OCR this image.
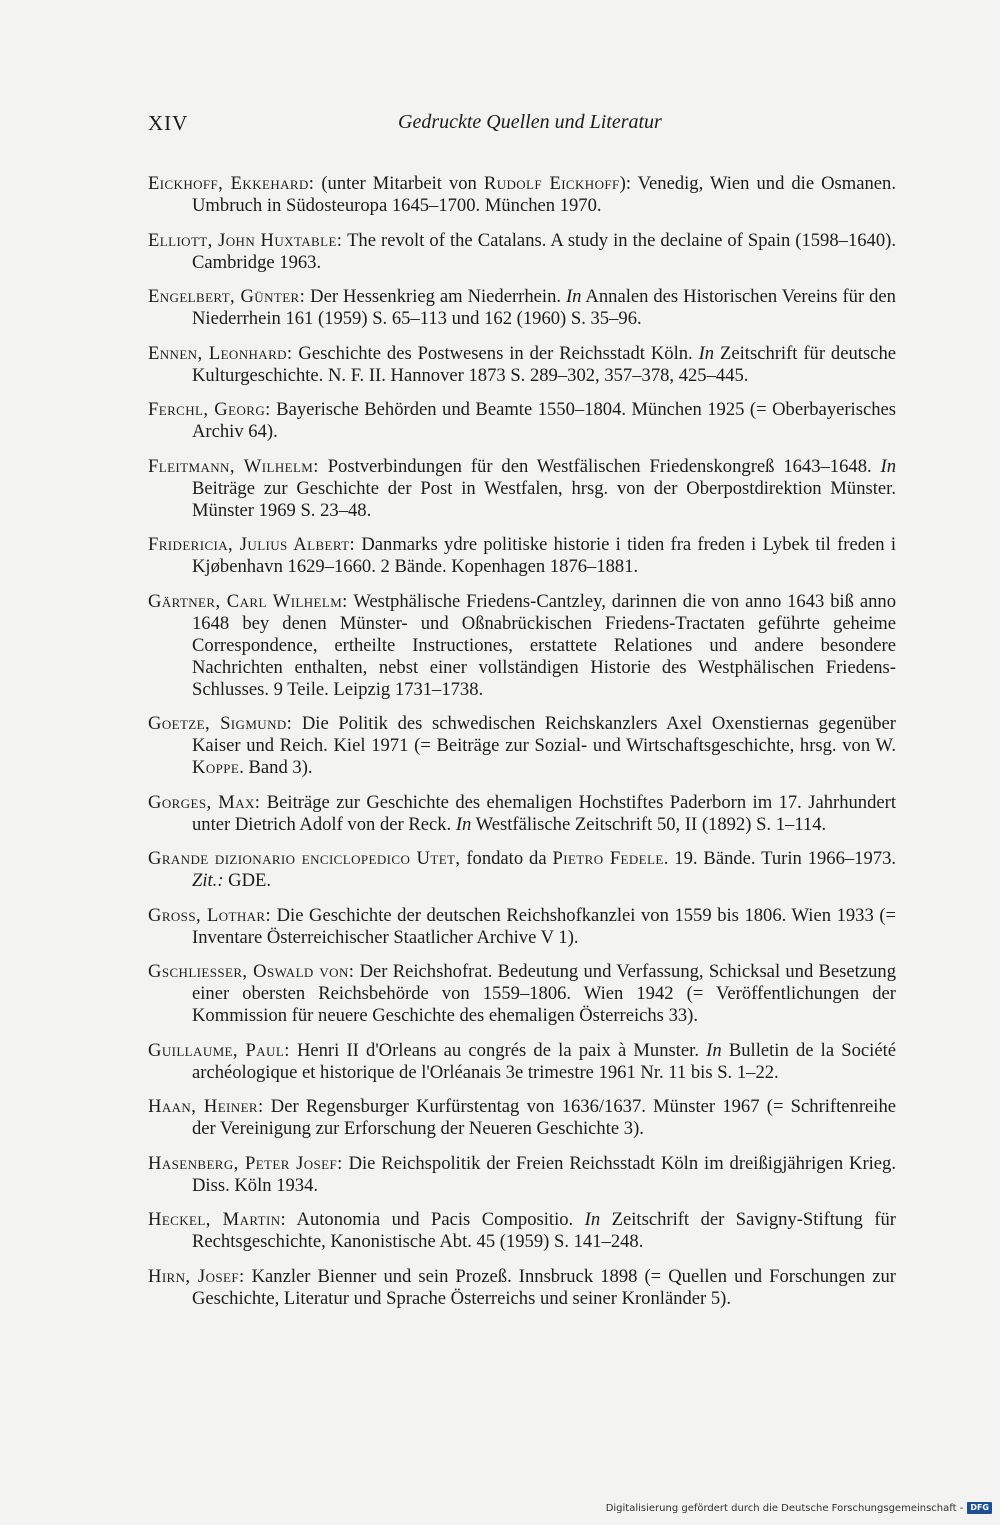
XIV	Gedruckte Quellen und Literatur
Eickhoff, Ekkehard: (unter Mitarbeit von Rudolf Eickhoff): Venedig, Wien und die Osmanen. Umbruch in Südosteuropa 1645–1700. München 1970.
Elliott, John Huxtable: The revolt of the Catalans. A study in the declaine of Spain (1598–1640). Cambridge 1963.
Engelbert, Günter: Der Hessenkrieg am Niederrhein. In Annalen des Historischen Vereins für den Niederrhein 161 (1959) S. 65–113 und 162 (1960) S. 35–96.
Ennen, Leonhard: Geschichte des Postwesens in der Reichsstadt Köln. In Zeitschrift für deutsche Kulturgeschichte. N. F. II. Hannover 1873 S. 289–302, 357–378, 425–445.
Ferchl, Georg: Bayerische Behörden und Beamte 1550–1804. München 1925 (= Oberbayerisches Archiv 64).
Fleitmann, Wilhelm: Postverbindungen für den Westfälischen Friedenskongreß 1643–1648. In Beiträge zur Geschichte der Post in Westfalen, hrsg. von der Oberpostdirektion Münster. Münster 1969 S. 23–48.
Fridericia, Julius Albert: Danmarks ydre politiske historie i tiden fra freden i Lybek til freden i Kjøbenhavn 1629–1660. 2 Bände. Kopenhagen 1876–1881.
Gärtner, Carl Wilhelm: Westphälische Friedens-Cantzley, darinnen die von anno 1643 biß anno 1648 bey denen Münster- und Oßnabrückischen Friedens-Tractaten geführte geheime Correspondence, ertheilte Instructiones, erstattete Relationes und andere besondere Nachrichten enthalten, nebst einer vollständigen Historie des Westphälischen Friedens-Schlusses. 9 Teile. Leipzig 1731–1738.
Goetze, Sigmund: Die Politik des schwedischen Reichskanzlers Axel Oxenstiernas gegenüber Kaiser und Reich. Kiel 1971 (= Beiträge zur Sozial- und Wirtschaftsgeschichte, hrsg. von W. Koppe. Band 3).
Gorges, Max: Beiträge zur Geschichte des ehemaligen Hochstiftes Paderborn im 17. Jahrhundert unter Dietrich Adolf von der Reck. In Westfälische Zeitschrift 50, II (1892) S. 1–114.
Grande dizionario enciclopedico Utet, fondato da Pietro Fedele. 19. Bände. Turin 1966–1973. Zit.: GDE.
Gross, Lothar: Die Geschichte der deutschen Reichshofkanzlei von 1559 bis 1806. Wien 1933 (= Inventare Österreichischer Staatlicher Archive V 1).
Gschliesser, Oswald von: Der Reichshofrat. Bedeutung und Verfassung, Schicksal und Besetzung einer obersten Reichsbehörde von 1559–1806. Wien 1942 (= Veröffentlichungen der Kommission für neuere Geschichte des ehemaligen Österreichs 33).
Guillaume, Paul: Henri II d'Orleans au congrés de la paix à Munster. In Bulletin de la Société archéologique et historique de l'Orléanais 3e trimestre 1961 Nr. 11 bis S. 1–22.
Haan, Heiner: Der Regensburger Kurfürstentag von 1636/1637. Münster 1967 (= Schriftenreihe der Vereinigung zur Erforschung der Neueren Geschichte 3).
Hasenberg, Peter Josef: Die Reichspolitik der Freien Reichsstadt Köln im dreißigjährigen Krieg. Diss. Köln 1934.
Heckel, Martin: Autonomia und Pacis Compositio. In Zeitschrift der Savigny-Stiftung für Rechtsgeschichte, Kanonistische Abt. 45 (1959) S. 141–248.
Hirn, Josef: Kanzler Bienner und sein Prozeß. Innsbruck 1898 (= Quellen und Forschungen zur Geschichte, Literatur und Sprache Österreichs und seiner Kronländer 5).
Digitalisierung gefördert durch die Deutsche Forschungsgemeinschaft - DFG
